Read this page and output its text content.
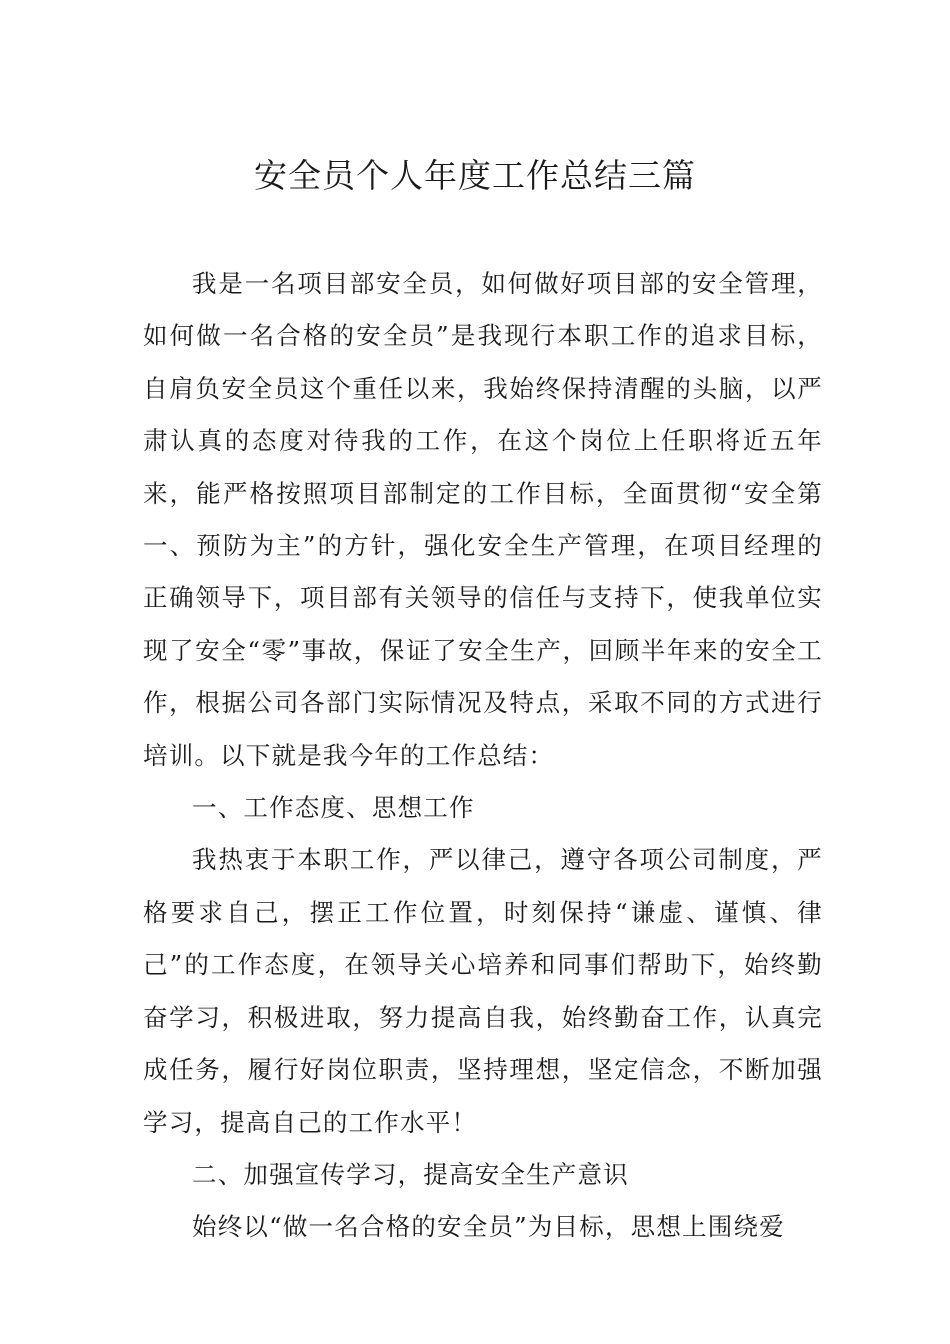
安全员个人年度工作总结三篇

我是一名项目部安全员，如何做好项目部的安全管理，如何做一名合格的安全员”是我现行本职工作的追求目标，自肩负安全员这个重任以来，我始终保持清醒的头脑，以严肃认真的态度对待我的工作，在这个岗位上任职将近五年来，能严格按照项目部制定的工作目标，全面贯彻“安全第一、预防为主”的方针，强化安全生产管理，在项目经理的正确领导下，项目部有关领导的信任与支持下，使我单位实现了安全“零”事故，保证了安全生产，回顾半年来的安全工作，根据公司各部门实际情况及特点，采取不同的方式进行培训。以下就是我今年的工作总结：

一、工作态度、思想工作

我热衷于本职工作，严以律己，遵守各项公司制度，严格要求自己，摆正工作位置，时刻保持“谦虚、谨慎、律己”的工作态度，在领导关心培养和同事们帮助下，始终勤奋学习，积极进取，努力提高自我，始终勤奋工作，认真完成任务，履行好岗位职责，坚持理想，坚定信念，不断加强学习，提高自己的工作水平！

二、加强宣传学习，提高安全生产意识

始终以“做一名合格的安全员”为目标，思想上围绕爱
